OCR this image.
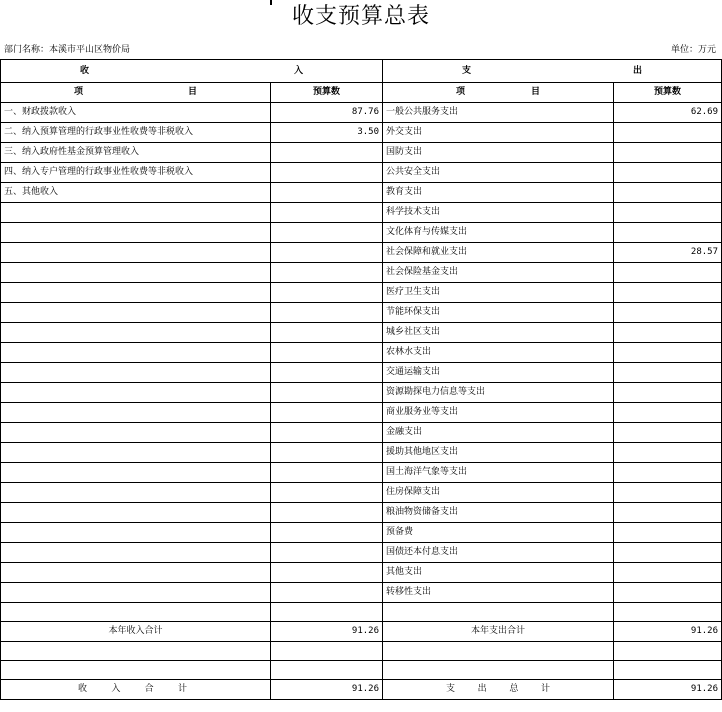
收支预算总表
部门名称：本溪市平山区物价局	单位：万元
收 入		支 出	

项 目	预算数	项 目	预算数
一、财政拨款收入	87.76	一般公共服务支出	62.69
二、纳入预算管理的行政事业性收费等非税收入	3.50	外交支出	
三、纳入政府性基金预算管理收入		国防支出	
四、纳入专户管理的行政事业性收费等非税收入		公共安全支出	
五、其他收入		教育支出	
		科学技术支出	
		文化体育与传媒支出	
		社会保障和就业支出	28.57
		社会保险基金支出	
		医疗卫生支出	
		节能环保支出	
		城乡社区支出	
		农林水支出	
		交通运输支出	
		资源勘探电力信息等支出	
		商业服务业等支出	
		金融支出	
		援助其他地区支出	
		国土海洋气象等支出	
		住房保障支出	
		粮油物资储备支出	
		预备费	
		国债还本付息支出	
		其他支出	
		转移性支出	

本年收入合计	91.26	本年支出合计	91.26

收 入 合 计	91.26	支 出 总 计	91.26
